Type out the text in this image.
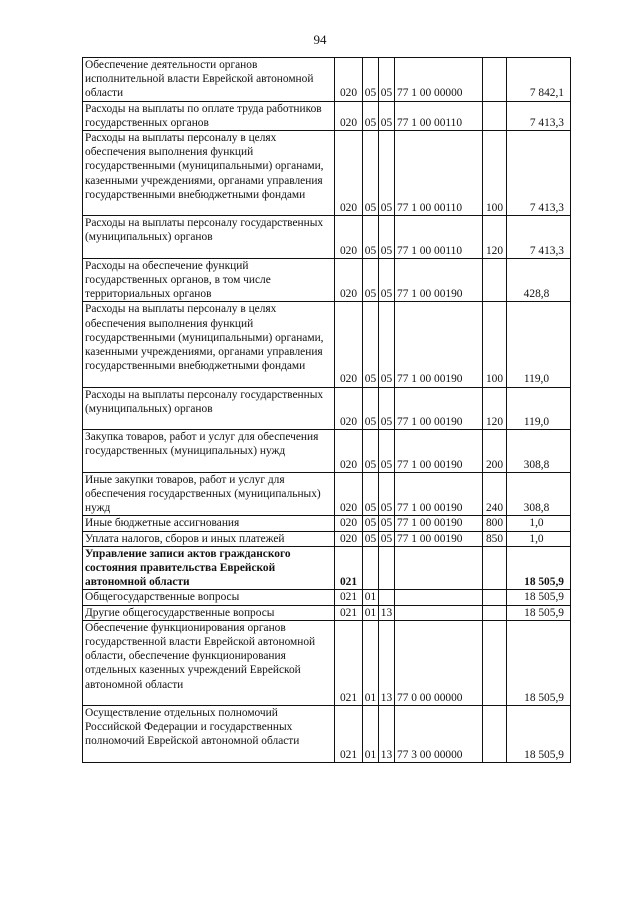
94
Обеспечение деятельности органов исполнительной власти Еврейской автономной области	020	05	05	77 1 00 00000		7 842,1
Расходы на выплаты по оплате труда работников государственных органов	020	05	05	77 1 00 00110		7 413,3
Расходы на выплаты персоналу в целях обеспечения выполнения функций государственными (муниципальными) органами, казенными учреждениями, органами управления государственными внебюджетными фондами	020	05	05	77 1 00 00110	100	7 413,3
Расходы на выплаты персоналу государственных (муниципальных) органов	020	05	05	77 1 00 00110	120	7 413,3
Расходы на обеспечение функций государственных органов, в том числе территориальных органов	020	05	05	77 1 00 00190		428,8
Расходы на выплаты персоналу в целях обеспечения выполнения функций государственными (муниципальными) органами, казенными учреждениями, органами управления государственными внебюджетными фондами	020	05	05	77 1 00 00190	100	119,0
Расходы на выплаты персоналу государственных (муниципальных) органов	020	05	05	77 1 00 00190	120	119,0
Закупка товаров, работ и услуг для обеспечения государственных (муниципальных) нужд	020	05	05	77 1 00 00190	200	308,8
Иные закупки товаров, работ и услуг для обеспечения государственных (муниципальных) нужд	020	05	05	77 1 00 00190	240	308,8
Иные бюджетные ассигнования	020	05	05	77 1 00 00190	800	1,0
Уплата налогов, сборов и иных платежей	020	05	05	77 1 00 00190	850	1,0
Управление записи актов гражданского состояния правительства Еврейской автономной области	021					18 505,9
Общегосударственные вопросы	021	01				18 505,9
Другие общегосударственные вопросы	021	01	13			18 505,9
Обеспечение функционирования органов государственной власти Еврейской автономной области, обеспечение функционирования отдельных казенных учреждений Еврейской автономной области	021	01	13	77 0 00 00000		18 505,9
Осуществление отдельных полномочий Российской Федерации и государственных полномочий Еврейской автономной области	021	01	13	77 3 00 00000		18 505,9
